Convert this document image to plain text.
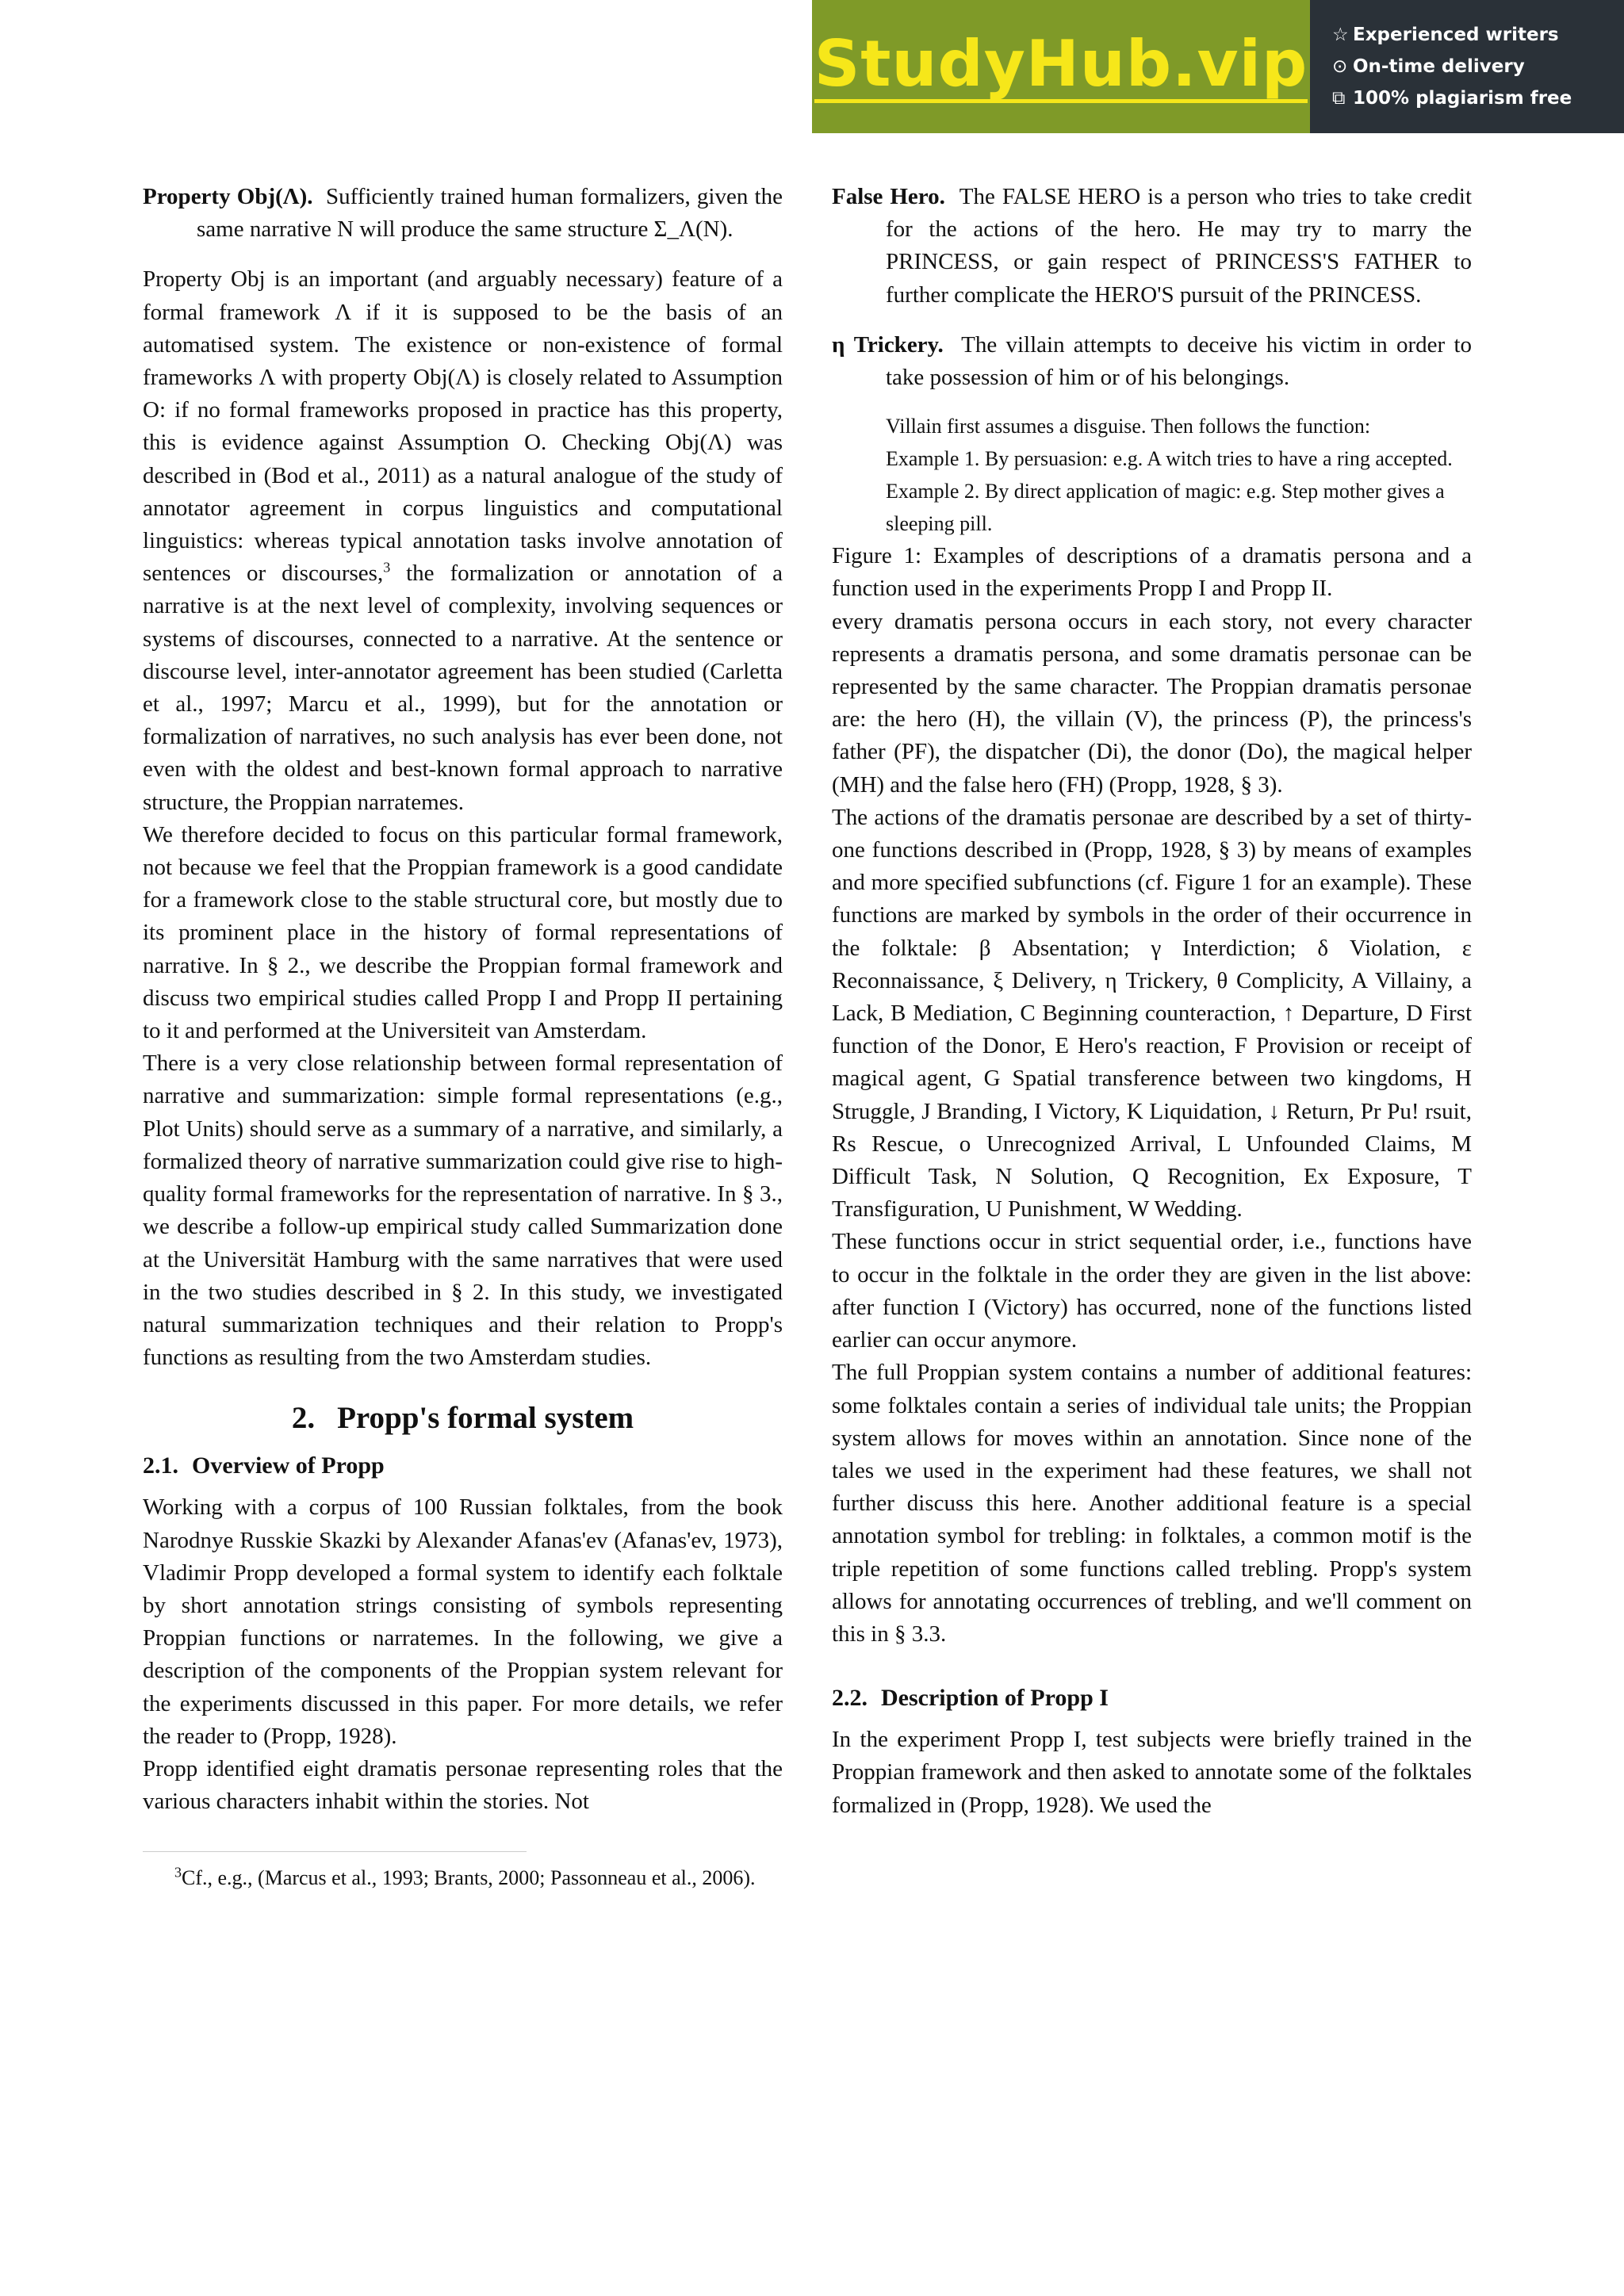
StudyHub.vip ☆ Experienced writers
⊙ On-time delivery
⧉ 100% plagiarism free

Property Obj(Λ). Sufficiently trained human formalizers, given the same narrative N will produce the same structure Σ_Λ(N).

Property Obj is an important (and arguably necessary) feature of a formal framework Λ if it is supposed to be the basis of an automatised system. The existence or non-existence of formal frameworks Λ with property Obj(Λ) is closely related to Assumption O: if no formal frameworks proposed in practice has this property, this is evidence against Assumption O. Checking Obj(Λ) was described in (Bod et al., 2011) as a natural analogue of the study of annotator agreement in corpus linguistics and computational linguistics: whereas typical annotation tasks involve annotation of sentences or discourses,$^3$ the formalization or annotation of a narrative is at the next level of complexity, involving sequences or systems of discourses, connected to a narrative. At the sentence or discourse level, inter-annotator agreement has been studied (Carletta et al., 1997; Marcu et al., 1999), but for the annotation or formalization of narratives, no such analysis has ever been done, not even with the oldest and best-known formal approach to narrative structure, the Proppian narratemes.

We therefore decided to focus on this particular formal framework, not because we feel that the Proppian framework is a good candidate for a framework close to the stable structural core, but mostly due to its prominent place in the history of formal representations of narrative. In § 2., we describe the Proppian formal framework and discuss two empirical studies called Propp I and Propp II pertaining to it and performed at the Universiteit van Amsterdam.

There is a very close relationship between formal representation of narrative and summarization: simple formal representations (e.g., Plot Units) should serve as a summary of a narrative, and similarly, a formalized theory of narrative summarization could give rise to high-quality formal frameworks for the representation of narrative. In § 3., we describe a follow-up empirical study called Summarization done at the Universität Hamburg with the same narratives that were used in the two studies described in § 2. In this study, we investigated natural summarization techniques and their relation to Propp's functions as resulting from the two Amsterdam studies.

2. Propp's formal system
2.1. Overview of Propp

Working with a corpus of 100 Russian folktales, from the book Narodnye Russkie Skazki by Alexander Afanas'ev (Afanas'ev, 1973), Vladimir Propp developed a formal system to identify each folktale by short annotation strings consisting of symbols representing Proppian functions or narratemes. In the following, we give a description of the components of the Proppian system relevant for the experiments discussed in this paper. For more details, we refer the reader to (Propp, 1928).

Propp identified eight dramatis personae representing roles that the various characters inhabit within the stories. Not

$^3$Cf., e.g., (Marcus et al., 1993; Brants, 2000; Passonneau et al., 2006).

False Hero. The FALSE HERO is a person who tries to take credit for the actions of the hero. He may try to marry the PRINCESS, or gain respect of PRINCESS'S FATHER to further complicate the HERO'S pursuit of the PRINCESS.

η Trickery. The villain attempts to deceive his victim in order to take possession of him or of his belongings.

Villain first assumes a disguise. Then follows the function:
Example 1. By persuasion: e.g. A witch tries to have a ring accepted.
Example 2. By direct application of magic: e.g. Step mother gives a sleeping pill.

Figure 1: Examples of descriptions of a dramatis persona and a function used in the experiments Propp I and Propp II.

every dramatis persona occurs in each story, not every character represents a dramatis persona, and some dramatis personae can be represented by the same character. The Proppian dramatis personae are: the hero (H), the villain (V), the princess (P), the princess's father (PF), the dispatcher (Di), the donor (Do), the magical helper (MH) and the false hero (FH) (Propp, 1928, § 3).

The actions of the dramatis personae are described by a set of thirty-one functions described in (Propp, 1928, § 3) by means of examples and more specified subfunctions (cf. Figure 1 for an example). These functions are marked by symbols in the order of their occurrence in the folktale: β Absentation; γ Interdiction; δ Violation, ε Reconnaissance, ξ Delivery, η Trickery, θ Complicity, A Villainy, a Lack, B Mediation, C Beginning counteraction, ↑ Departure, D First function of the Donor, E Hero's reaction, F Provision or receipt of magical agent, G Spatial transference between two kingdoms, H Struggle, J Branding, I Victory, K Liquidation, ↓ Return, Pr Pu! rsuit, Rs Rescue, o Unrecognized Arrival, L Unfounded Claims, M Difficult Task, N Solution, Q Recognition, Ex Exposure, T Transfiguration, U Punishment, W Wedding.

These functions occur in strict sequential order, i.e., functions have to occur in the folktale in the order they are given in the list above: after function I (Victory) has occurred, none of the functions listed earlier can occur anymore.

The full Proppian system contains a number of additional features: some folktales contain a series of individual tale units; the Proppian system allows for moves within an annotation. Since none of the tales we used in the experiment had these features, we shall not further discuss this here. Another additional feature is a special annotation symbol for trebling: in folktales, a common motif is the triple repetition of some functions called trebling. Propp's system allows for annotating occurrences of trebling, and we'll comment on this in § 3.3.

2.2. Description of Propp I

In the experiment Propp I, test subjects were briefly trained in the Proppian framework and then asked to annotate some of the folktales formalized in (Propp, 1928). We used the
